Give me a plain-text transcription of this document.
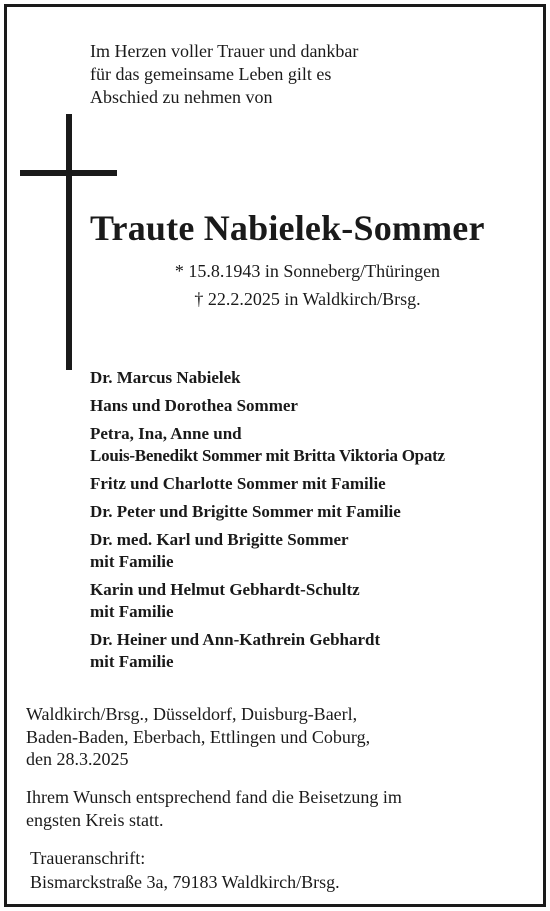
Im Herzen voller Trauer und dankbar
für das gemeinsame Leben gilt es
Abschied zu nehmen von
Traute Nabielek-Sommer
* 15.8.1943 in Sonneberg/Thüringen
† 22.2.2025 in Waldkirch/Brsg.
Dr. Marcus Nabielek
Hans und Dorothea Sommer
Petra, Ina, Anne und
Louis-Benedikt Sommer mit Britta Viktoria Opatz
Fritz und Charlotte Sommer mit Familie
Dr. Peter und Brigitte Sommer mit Familie
Dr. med. Karl und Brigitte Sommer
mit Familie
Karin und Helmut Gebhardt-Schultz
mit Familie
Dr. Heiner und Ann-Kathrein Gebhardt
mit Familie
Waldkirch/Brsg., Düsseldorf, Duisburg-Baerl,
Baden-Baden, Eberbach, Ettlingen und Coburg,
den 28.3.2025
Ihrem Wunsch entsprechend fand die Beisetzung im
engsten Kreis statt.
Traueranschrift:
Bismarckstraße 3a, 79183 Waldkirch/Brsg.
